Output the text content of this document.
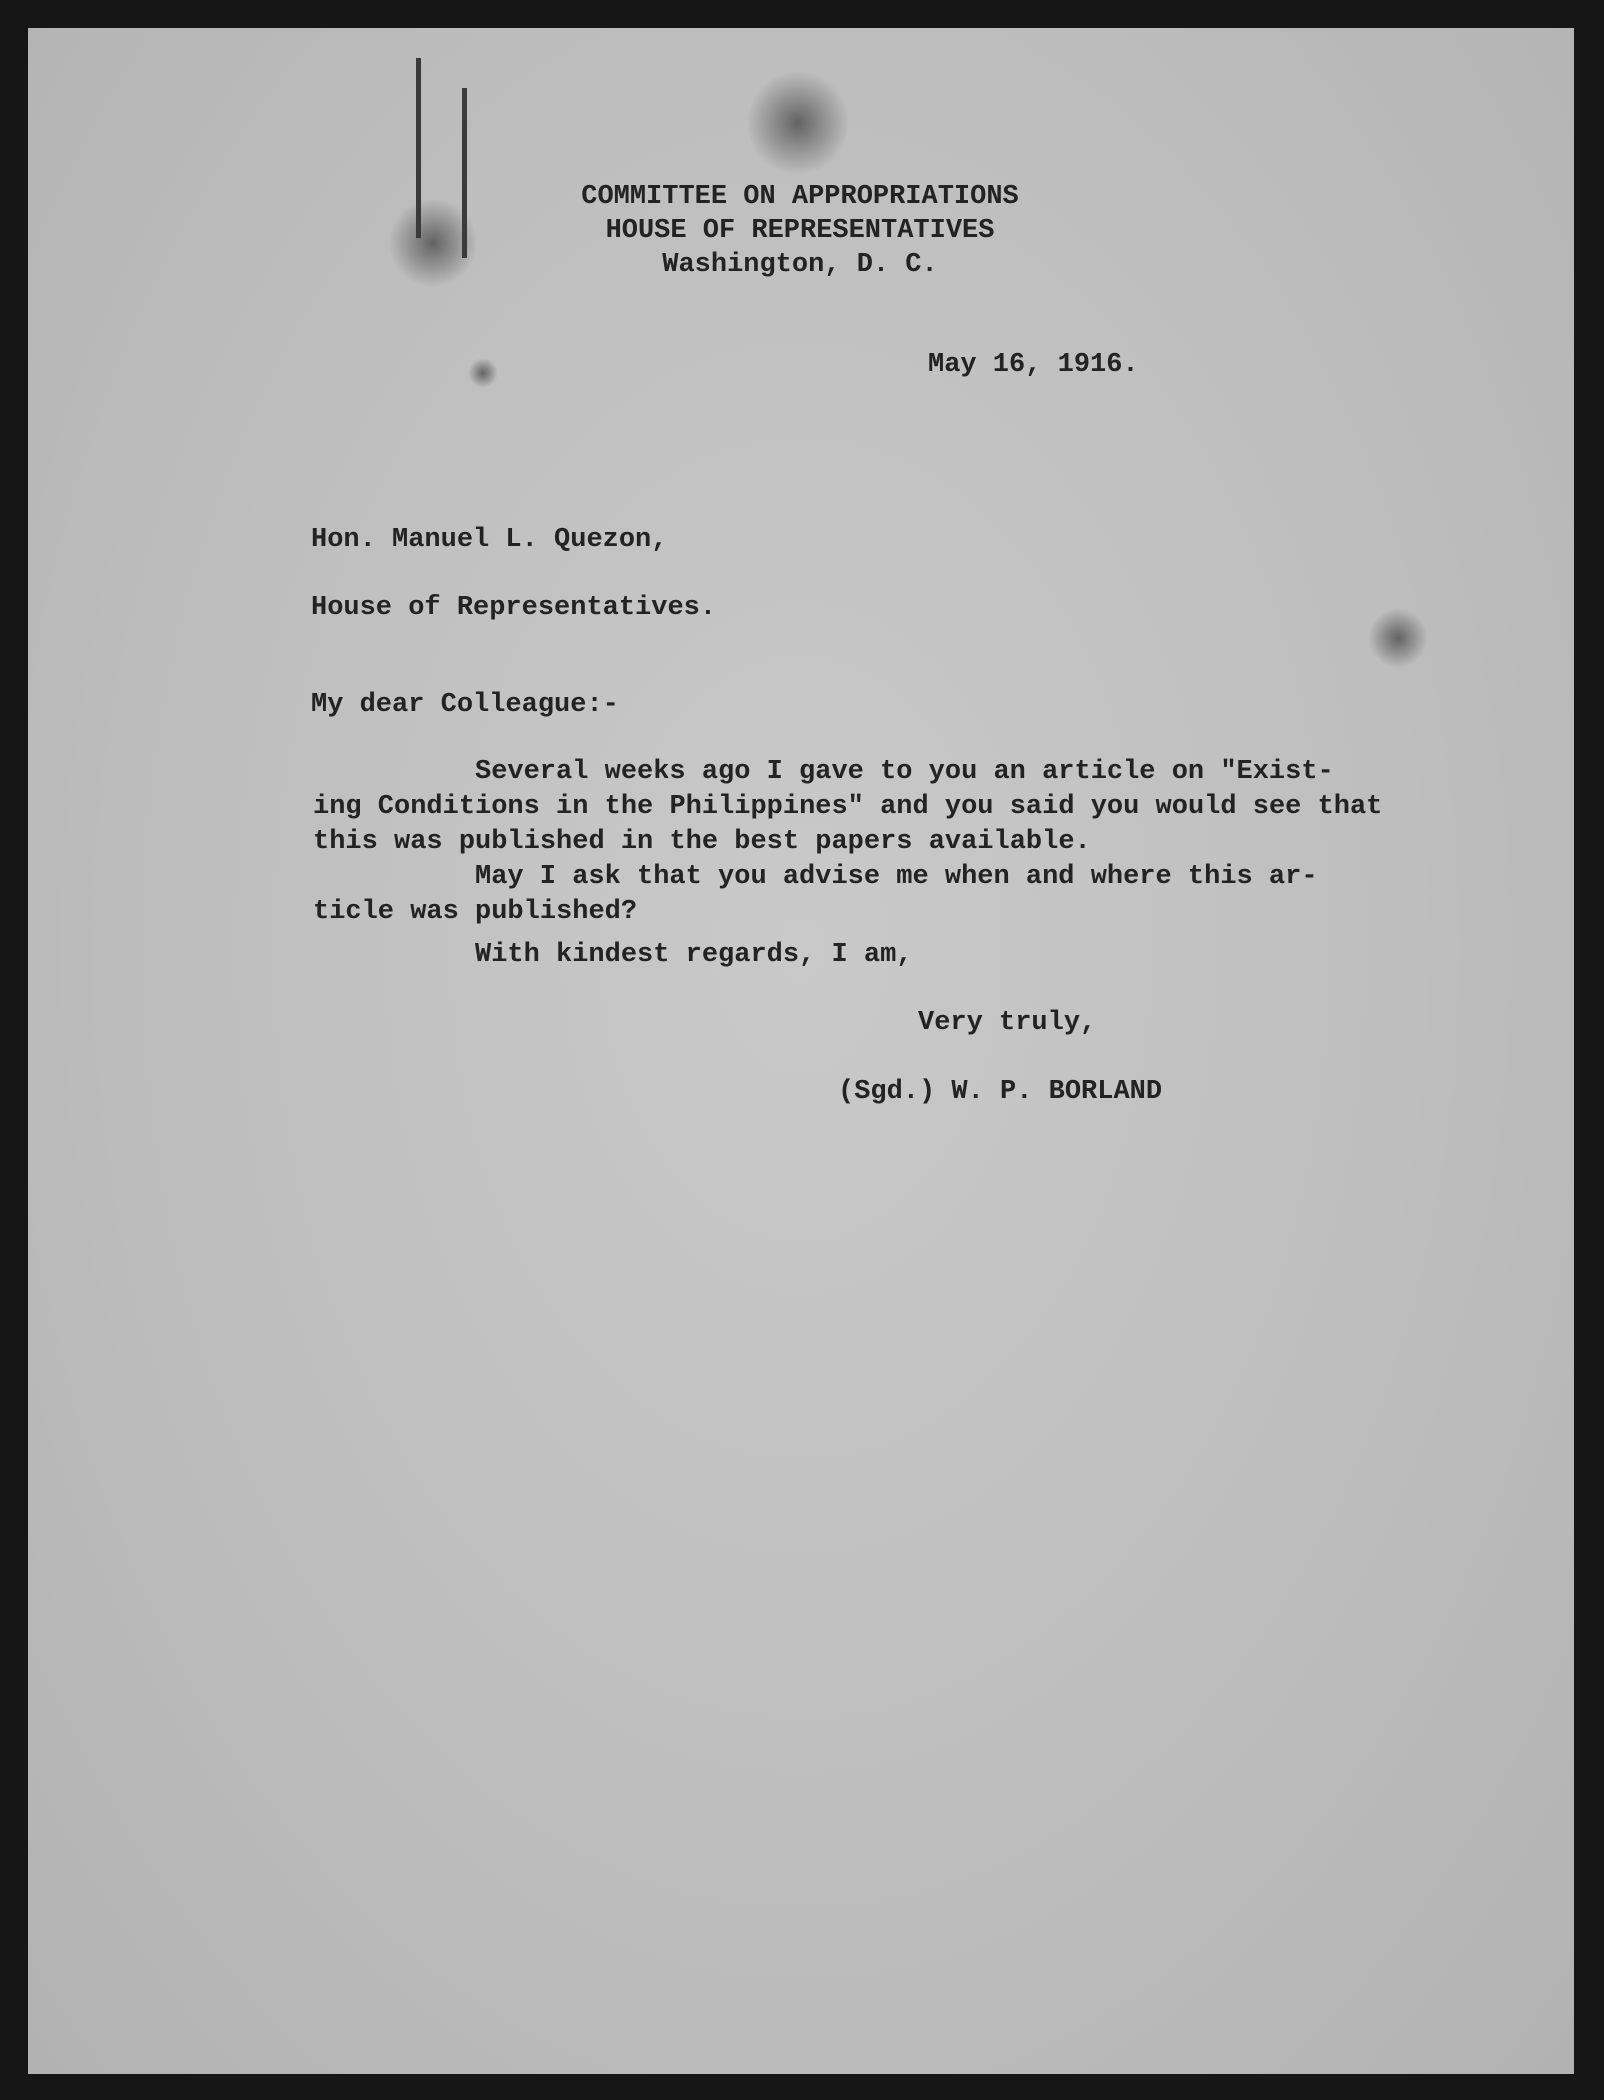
COMMITTEE ON APPROPRIATIONS
HOUSE OF REPRESENTATIVES
Washington, D. C.
May 16, 1916.
Hon. Manuel L. Quezon,
House of Representatives.
My dear Colleague:-
Several weeks ago I gave to you an article on "Exist-
ing Conditions in the Philippines" and you said you would see that
this was published in the best papers available.
May I ask that you advise me when and where this ar-
ticle was published?
With kindest regards, I am,
Very truly,
(Sgd.) W. P. BORLAND
